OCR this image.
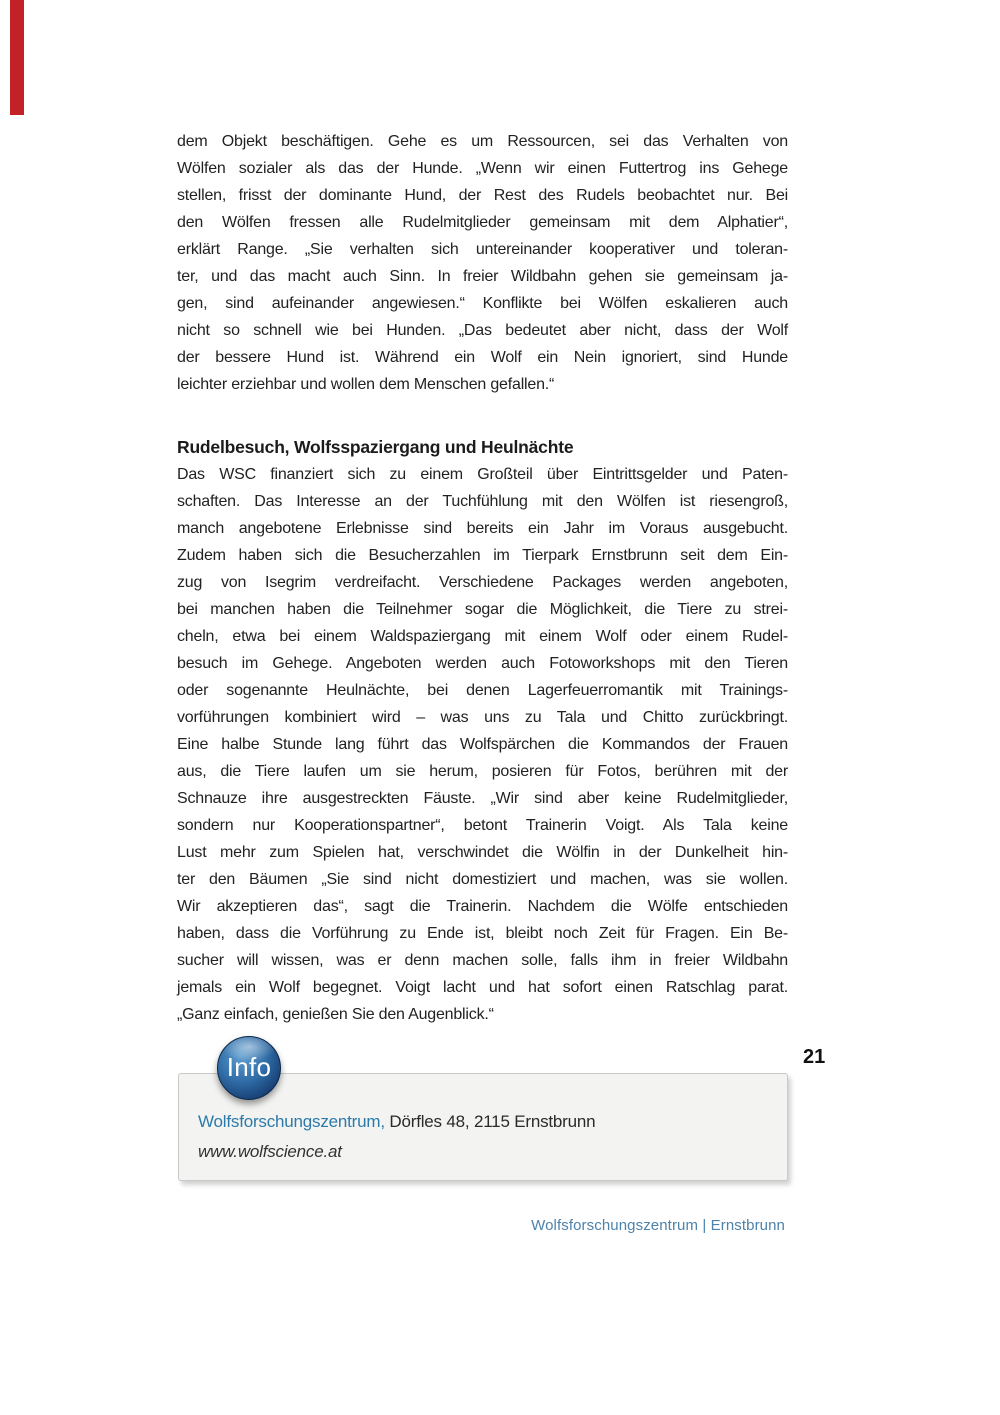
dem Objekt beschäftigen. Gehe es um Ressourcen, sei das Verhalten von
Wölfen sozialer als das der Hunde. „Wenn wir einen Futtertrog ins Gehege
stellen, frisst der dominante Hund, der Rest des Rudels beobachtet nur. Bei
den Wölfen fressen alle Rudelmitglieder gemeinsam mit dem Alphatier“,
erklärt Range. „Sie verhalten sich untereinander kooperativer und toleran-
ter, und das macht auch Sinn. In freier Wildbahn gehen sie gemeinsam ja-
gen, sind aufeinander angewiesen.“ Konflikte bei Wölfen eskalieren auch
nicht so schnell wie bei Hunden. „Das bedeutet aber nicht, dass der Wolf
der bessere Hund ist. Während ein Wolf ein Nein ignoriert, sind Hunde
leichter erziehbar und wollen dem Menschen gefallen.“
Rudelbesuch, Wolfsspaziergang und Heulnächte
Das WSC finanziert sich zu einem Großteil über Eintrittsgelder und Paten-
schaften. Das Interesse an der Tuchfühlung mit den Wölfen ist riesengroß,
manch angebotene Erlebnisse sind bereits ein Jahr im Voraus ausgebucht.
Zudem haben sich die Besucherzahlen im Tierpark Ernstbrunn seit dem Ein-
zug von Isegrim verdreifacht. Verschiedene Packages werden angeboten,
bei manchen haben die Teilnehmer sogar die Möglichkeit, die Tiere zu strei-
cheln, etwa bei einem Waldspaziergang mit einem Wolf oder einem Rudel-
besuch im Gehege. Angeboten werden auch Fotoworkshops mit den Tieren
oder sogenannte Heulnächte, bei denen Lagerfeuerromantik mit Trainings-
vorführungen kombiniert wird – was uns zu Tala und Chitto zurückbringt.
Eine halbe Stunde lang führt das Wolfspärchen die Kommandos der Frauen
aus, die Tiere laufen um sie herum, posieren für Fotos, berühren mit der
Schnauze ihre ausgestreckten Fäuste. „Wir sind aber keine Rudelmitglieder,
sondern nur Kooperationspartner“, betont Trainerin Voigt. Als Tala keine
Lust mehr zum Spielen hat, verschwindet die Wölfin in der Dunkelheit hin-
ter den Bäumen „Sie sind nicht domestiziert und machen, was sie wollen.
Wir akzeptieren das“, sagt die Trainerin. Nachdem die Wölfe entschieden
haben, dass die Vorführung zu Ende ist, bleibt noch Zeit für Fragen. Ein Be-
sucher will wissen, was er denn machen solle, falls ihm in freier Wildbahn
jemals ein Wolf begegnet. Voigt lacht und hat sofort einen Ratschlag parat.
„Ganz einfach, genießen Sie den Augenblick.“
21
Wolfsforschungszentrum, Dörfles 48, 2115 Ernstbrunn
www.wolfscience.at
Info
Wolfsforschungszentrum | Ernstbrunn
